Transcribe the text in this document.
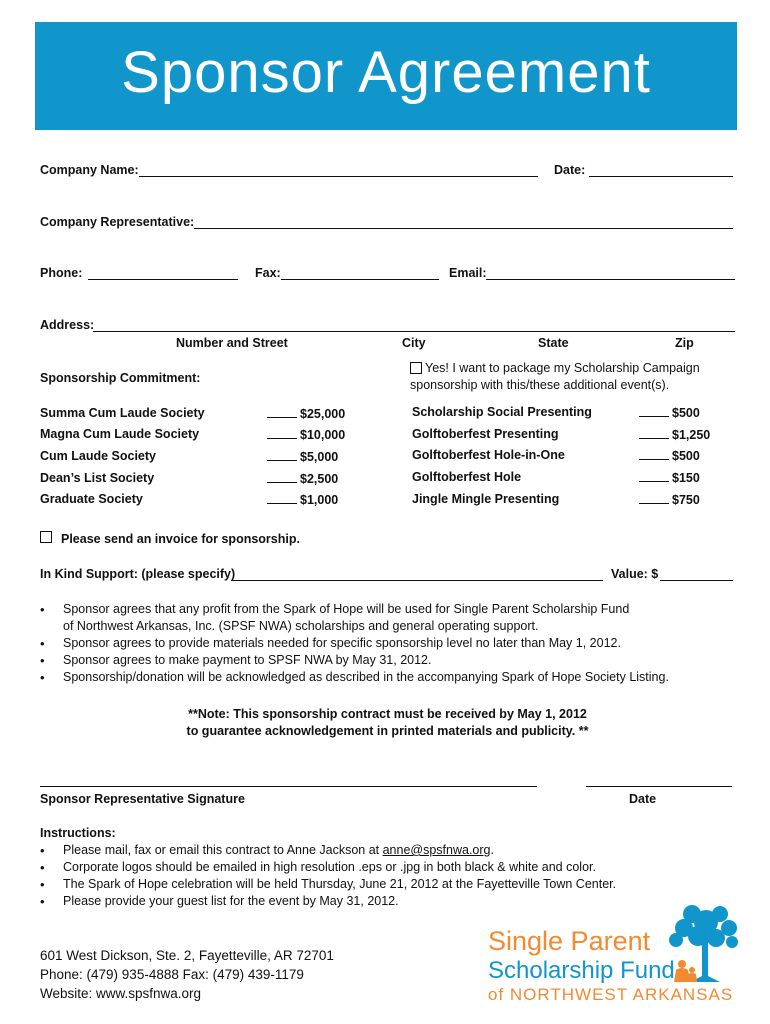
Sponsor Agreement
Company Name:	Date:
Company Representative:
Phone:	Fax:	Email:
Address:
Number and Street	City	State	Zip
Sponsorship Commitment:
Yes! I want to package my Scholarship Campaign
sponsorship with this/these additional event(s).
Summa Cum Laude Society	$25,000
Magna Cum Laude Society	$10,000
Cum Laude Society	$5,000
Dean’s List Society	$2,500
Graduate Society	$1,000
Scholarship Social Presenting	$500
Golftoberfest Presenting	$1,250
Golftoberfest Hole-in-One	$500
Golftoberfest Hole	$150
Jingle Mingle Presenting	$750
Please send an invoice for sponsorship.
In Kind Support: (please specify)	Value: $
• Sponsor agrees that any profit from the Spark of Hope will be used for Single Parent Scholarship Fund
of Northwest Arkansas, Inc. (SPSF NWA) scholarships and general operating support.
• Sponsor agrees to provide materials needed for specific sponsorship level no later than May 1, 2012.
• Sponsor agrees to make payment to SPSF NWA by May 31, 2012.
• Sponsorship/donation will be acknowledged as described in the accompanying Spark of Hope Society Listing.
**Note: This sponsorship contract must be received by May 1, 2012
to guarantee acknowledgement in printed materials and publicity. **
Sponsor Representative Signature	Date
Instructions:
• Please mail, fax or email this contract to Anne Jackson at anne@spsfnwa.org.
• Corporate logos should be emailed in high resolution .eps or .jpg in both black & white and color.
• The Spark of Hope celebration will be held Thursday, June 21, 2012 at the Fayetteville Town Center.
• Please provide your guest list for the event by May 31, 2012.
601 West Dickson, Ste. 2, Fayetteville, AR 72701
Phone: (479) 935-4888 Fax: (479) 439-1179
Website: www.spsfnwa.org
Single Parent
Scholarship Fund
of NORTHWEST ARKANSAS
